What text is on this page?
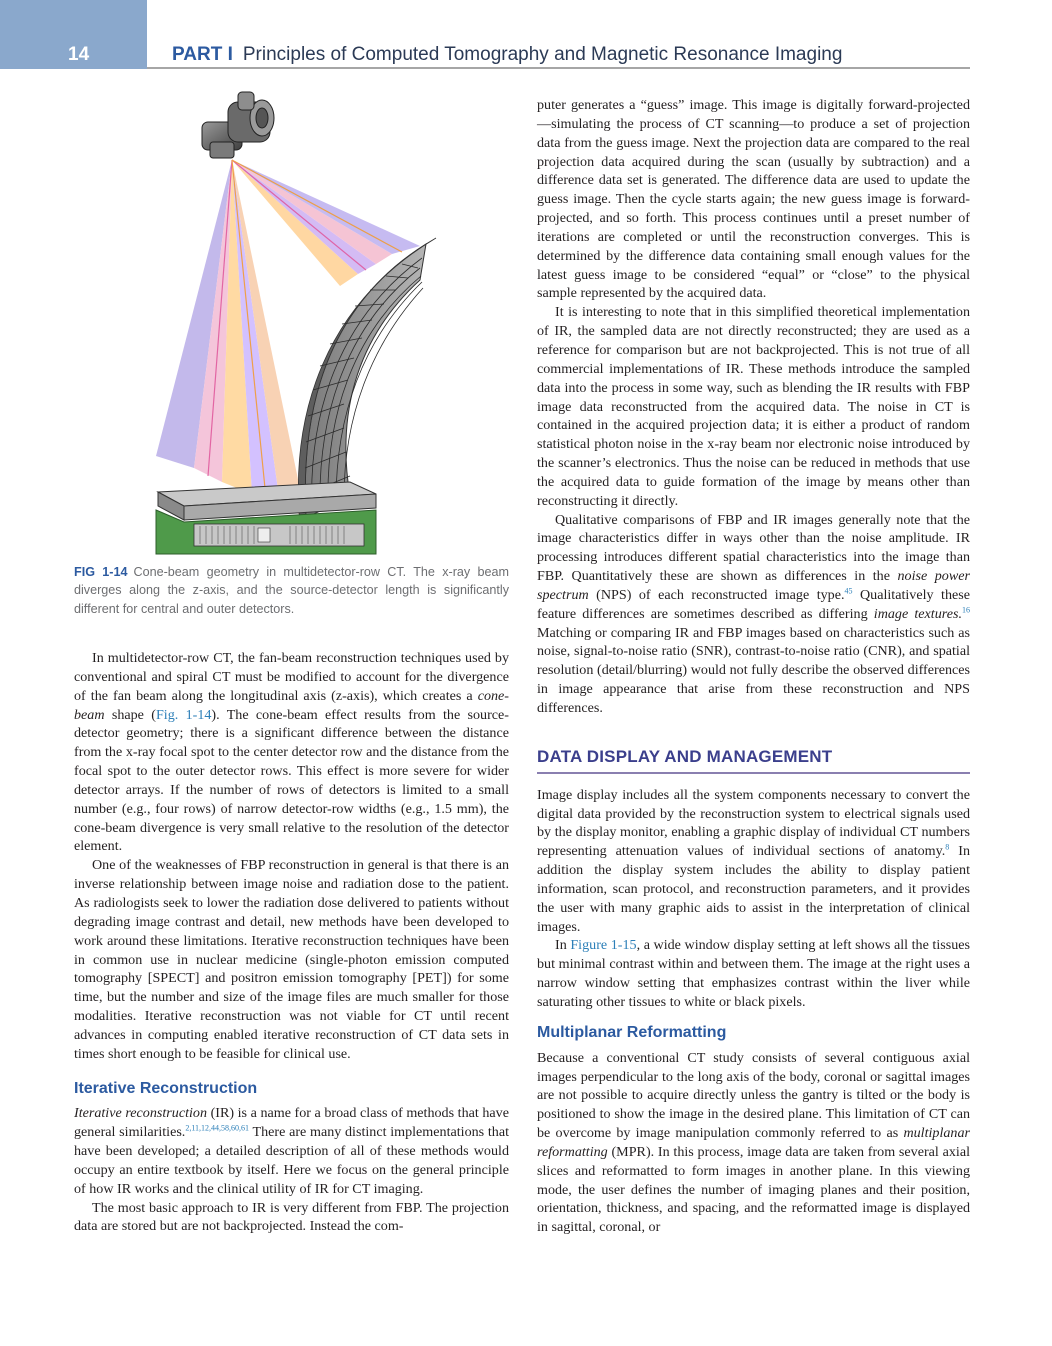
14	PART I Principles of Computed Tomography and Magnetic Resonance Imaging
FIG 1-14 Cone-beam geometry in multidetector-row CT. The x-ray beam diverges along the z-axis, and the source-detector length is significantly different for central and outer detectors.

In multidetector-row CT, the fan-beam reconstruction techniques used by conventional and spiral CT must be modified to account for the divergence of the fan beam along the longitudinal axis (z-axis), which creates a cone-beam shape (Fig. 1-14). The cone-beam effect results from the source-detector geometry; there is a significant difference between the distance from the x-ray focal spot to the center detector row and the distance from the focal spot to the outer detector rows. This effect is more severe for wider detector arrays. If the number of rows of detectors is limited to a small number (e.g., four rows) of narrow detector-row widths (e.g., 1.5 mm), the cone-beam divergence is very small relative to the resolution of the detector element.

One of the weaknesses of FBP reconstruction in general is that there is an inverse relationship between image noise and radiation dose to the patient. As radiologists seek to lower the radiation dose delivered to patients without degrading image contrast and detail, new methods have been developed to work around these limitations. Iterative reconstruction techniques have been in common use in nuclear medicine (single-photon emission computed tomography [SPECT] and positron emission tomography [PET]) for some time, but the number and size of the image files are much smaller for those modalities. Iterative reconstruction was not viable for CT until recent advances in computing enabled iterative reconstruction of CT data sets in times short enough to be feasible for clinical use.

Iterative Reconstruction

Iterative reconstruction (IR) is a name for a broad class of methods that have general similarities.$^{2,11,12,44,58,60,61}$ There are many distinct implementations that have been developed; a detailed description of all of these methods would occupy an entire textbook by itself. Here we focus on the general principle of how IR works and the clinical utility of IR for CT imaging.

The most basic approach to IR is very different from FBP. The projection data are stored but are not backprojected. Instead the com-

puter generates a “guess” image. This image is digitally forward-projected—simulating the process of CT scanning—to produce a set of projection data from the guess image. Next the projection data are compared to the real projection data acquired during the scan (usually by subtraction) and a difference data set is generated. The difference data are used to update the guess image. Then the cycle starts again; the new guess image is forward-projected, and so forth. This process continues until a preset number of iterations are completed or until the reconstruction converges. This is determined by the difference data containing small enough values for the latest guess image to be considered “equal” or “close” to the physical sample represented by the acquired data.

It is interesting to note that in this simplified theoretical implementation of IR, the sampled data are not directly reconstructed; they are used as a reference for comparison but are not backprojected. This is not true of all commercial implementations of IR. These methods introduce the sampled data into the process in some way, such as blending the IR results with FBP image data reconstructed from the acquired data. The noise in CT is contained in the acquired projection data; it is either a product of random statistical photon noise in the x-ray beam nor electronic noise introduced by the scanner’s electronics. Thus the noise can be reduced in methods that use the acquired data to guide formation of the image by means other than reconstructing it directly.

Qualitative comparisons of FBP and IR images generally note that the image characteristics differ in ways other than the noise amplitude. IR processing introduces different spatial characteristics into the image than FBP. Quantitatively these are shown as differences in the noise power spectrum (NPS) of each reconstructed image type.$^{45}$ Qualitatively these feature differences are sometimes described as differing image textures.$^{16}$ Matching or comparing IR and FBP images based on characteristics such as noise, signal-to-noise ratio (SNR), contrast-to-noise ratio (CNR), and spatial resolution (detail/blurring) would not fully describe the observed differences in image appearance that arise from these reconstruction and NPS differences.

DATA DISPLAY AND MANAGEMENT

Image display includes all the system components necessary to convert the digital data provided by the reconstruction system to electrical signals used by the display monitor, enabling a graphic display of individual CT numbers representing attenuation values of individual sections of anatomy.$^8$ In addition the display system includes the ability to display patient information, scan protocol, and reconstruction parameters, and it provides the user with many graphic aids to assist in the interpretation of clinical images.

In Figure 1-15, a wide window display setting at left shows all the tissues but minimal contrast within and between them. The image at the right uses a narrow window setting that emphasizes contrast within the liver while saturating other tissues to white or black pixels.

Multiplanar Reformatting

Because a conventional CT study consists of several contiguous axial images perpendicular to the long axis of the body, coronal or sagittal images are not possible to acquire directly unless the gantry is tilted or the body is positioned to show the image in the desired plane. This limitation of CT can be overcome by image manipulation commonly referred to as multiplanar reformatting (MPR). In this process, image data are taken from several axial slices and reformatted to form images in another plane. In this viewing mode, the user defines the number of imaging planes and their position, orientation, thickness, and spacing, and the reformatted image is displayed in sagittal, coronal, or
